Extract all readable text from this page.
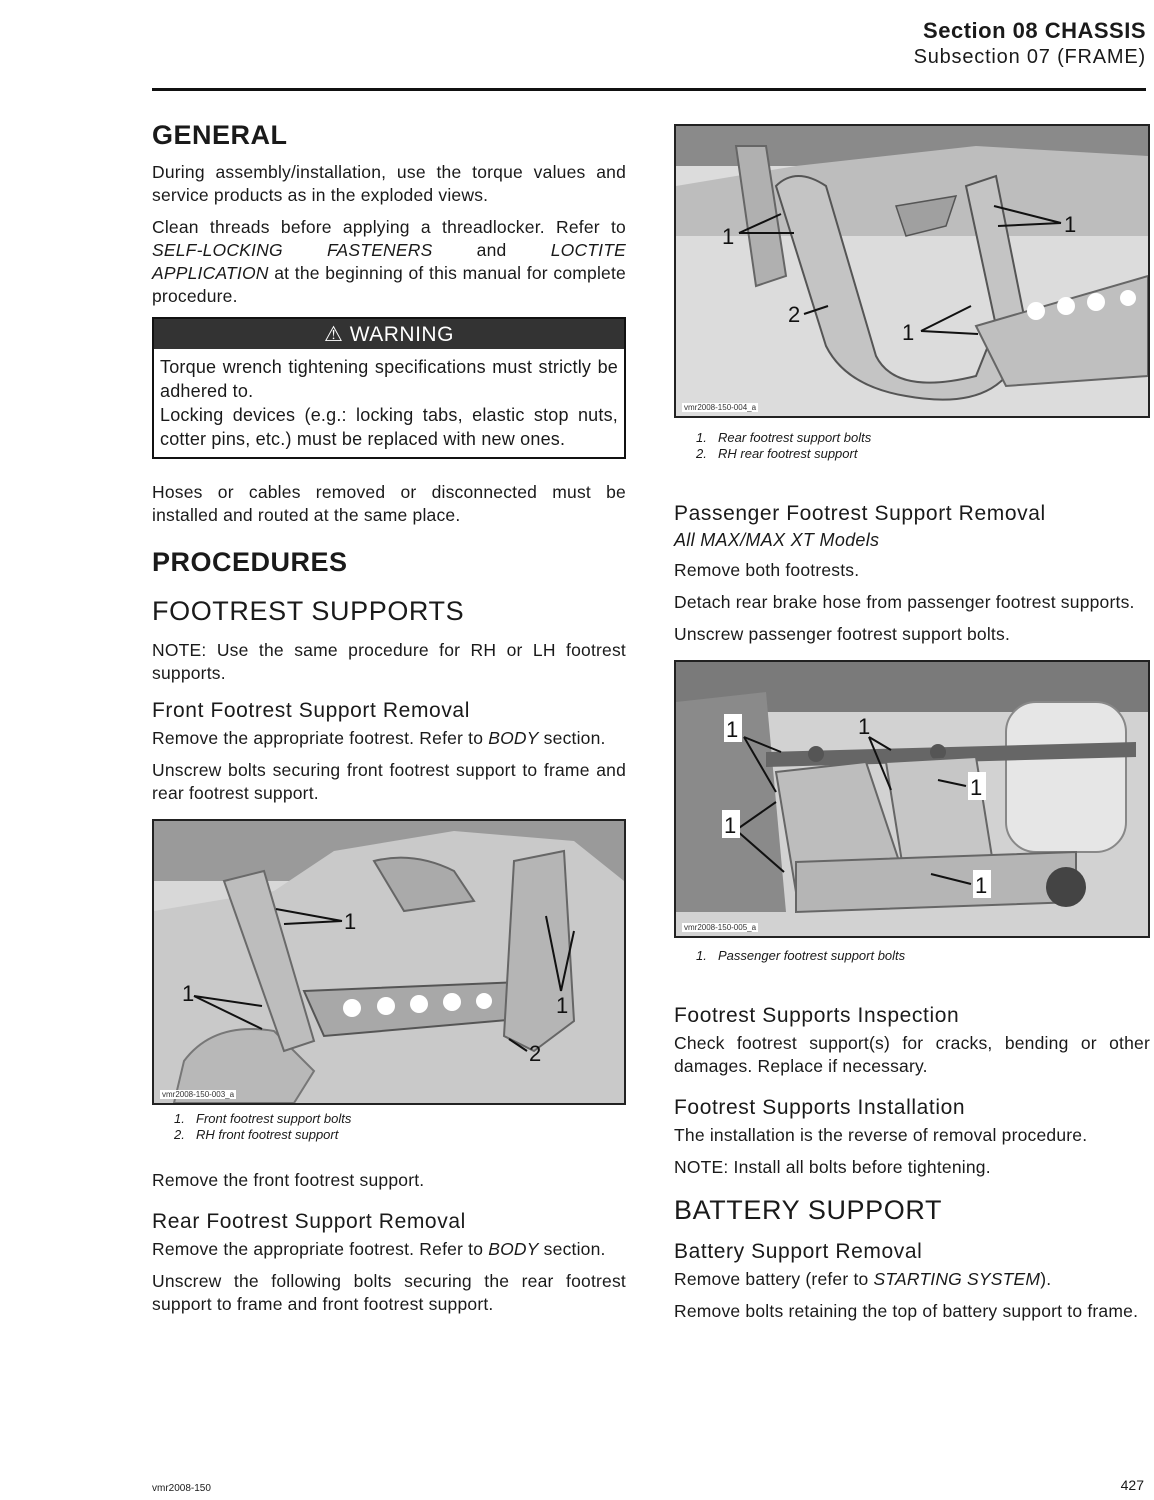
Section 08 CHASSIS
Subsection 07 (FRAME)
GENERAL

During assembly/installation, use the torque values and service products as in the exploded views.

Clean threads before applying a threadlocker. Refer to SELF-LOCKING FASTENERS and LOCTITE APPLICATION at the beginning of this manual for complete procedure.

⚠ WARNING
Torque wrench tightening specifications must strictly be adhered to.
Locking devices (e.g.: locking tabs, elastic stop nuts, cotter pins, etc.) must be replaced with new ones.

Hoses or cables removed or disconnected must be installed and routed at the same place.

PROCEDURES
FOOTREST SUPPORTS

NOTE: Use the same procedure for RH or LH footrest supports.

Front Footrest Support Removal

Remove the appropriate footrest. Refer to BODY section.

Unscrew bolts securing front footrest support to frame and rear footrest support.

1
1	1
2
vmr2008-150-003_a
1. Front footrest support bolts
2. RH front footrest support

Remove the front footrest support.

Rear Footrest Support Removal

Remove the appropriate footrest. Refer to BODY section.

Unscrew the following bolts securing the rear footrest support to frame and front footrest support.

1	1
2
1
vmr2008-150-004_a
1. Rear footrest support bolts
2. RH rear footrest support
Passenger Footrest Support Removal
All MAX/MAX XT Models

Remove both footrests.

Detach rear brake hose from passenger footrest supports.

Unscrew passenger footrest support bolts.

1	1
1
1
1
vmr2008-150-005_a
1. Passenger footrest support bolts
Footrest Supports Inspection

Check footrest support(s) for cracks, bending or other damages. Replace if necessary.

Footrest Supports Installation

The installation is the reverse of removal procedure.

NOTE: Install all bolts before tightening.

BATTERY SUPPORT
Battery Support Removal

Remove battery (refer to STARTING SYSTEM).

Remove bolts retaining the top of battery support to frame.

vmr2008-150	427
